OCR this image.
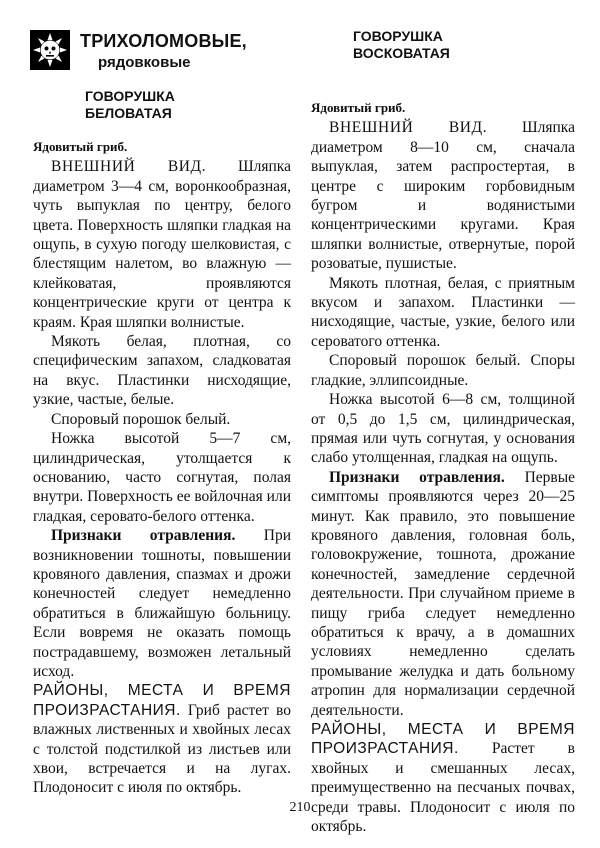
ТРИХОЛОМОВЫЕ,
рядовковые
ГОВОРУШКА
БЕЛОВАТАЯ
Ядовитый гриб.

ВНЕШНИЙ ВИД. Шляпка диаметром 3—4 см, воронкообразная, чуть выпуклая по центру, белого цвета. Поверхность шляпки гладкая на ощупь, в сухую погоду шелковистая, с блестящим налетом, во влажную — клейковатая, проявляются концентрические круги от центра к краям. Края шляпки волнистые.

Мякоть белая, плотная, со специфическим запахом, сладковатая на вкус. Пластинки нисходящие, узкие, частые, белые.

Споровый порошок белый.

Ножка высотой 5—7 см, цилиндрическая, утолщается к основанию, часто согнутая, полая внутри. Поверхность ее войлочная или гладкая, серовато-белого оттенка.

Признаки отравления. При возникновении тошноты, повышении кровяного давления, спазмах и дрожи конечностей следует немедленно обратиться в ближайшую больницу. Если вовремя не оказать помощь пострадавшему, возможен летальный исход.

РАЙОНЫ, МЕСТА И ВРЕМЯ ПРОИЗРАСТАНИЯ. Гриб растет во влажных лиственных и хвойных лесах с толстой подстилкой из листьев или хвои, встречается и на лугах. Плодоносит с июля по октябрь.

ГОВОРУШКА
ВОСКОВАТАЯ
Ядовитый гриб.

ВНЕШНИЙ ВИД. Шляпка диаметром 8—10 см, сначала выпуклая, затем распростертая, в центре с широким горбовидным бугром и водянистыми концентрическими кругами. Края шляпки волнистые, отвернутые, порой розоватые, пушистые.

Мякоть плотная, белая, с приятным вкусом и запахом. Пластинки — нисходящие, частые, узкие, белого или сероватого оттенка.

Споровый порошок белый. Споры гладкие, эллипсоидные.

Ножка высотой 6—8 см, толщиной от 0,5 до 1,5 см, цилиндрическая, прямая или чуть согнутая, у основания слабо утолщенная, гладкая на ощупь.

Признаки отравления. Первые симптомы проявляются через 20—25 минут. Как правило, это повышение кровяного давления, головная боль, головокружение, тошнота, дрожание конечностей, замедление сердечной деятельности. При случайном приеме в пищу гриба следует немедленно обратиться к врачу, а в домашних условиях немедленно сделать промывание желудка и дать больному атропин для нормализации сердечной деятельности.

РАЙОНЫ, МЕСТА И ВРЕМЯ ПРОИЗРАСТАНИЯ. Растет в хвойных и смешанных лесах, преимущественно на песчаных почвах, среди травы. Плодоносит с июля по октябрь.

210
